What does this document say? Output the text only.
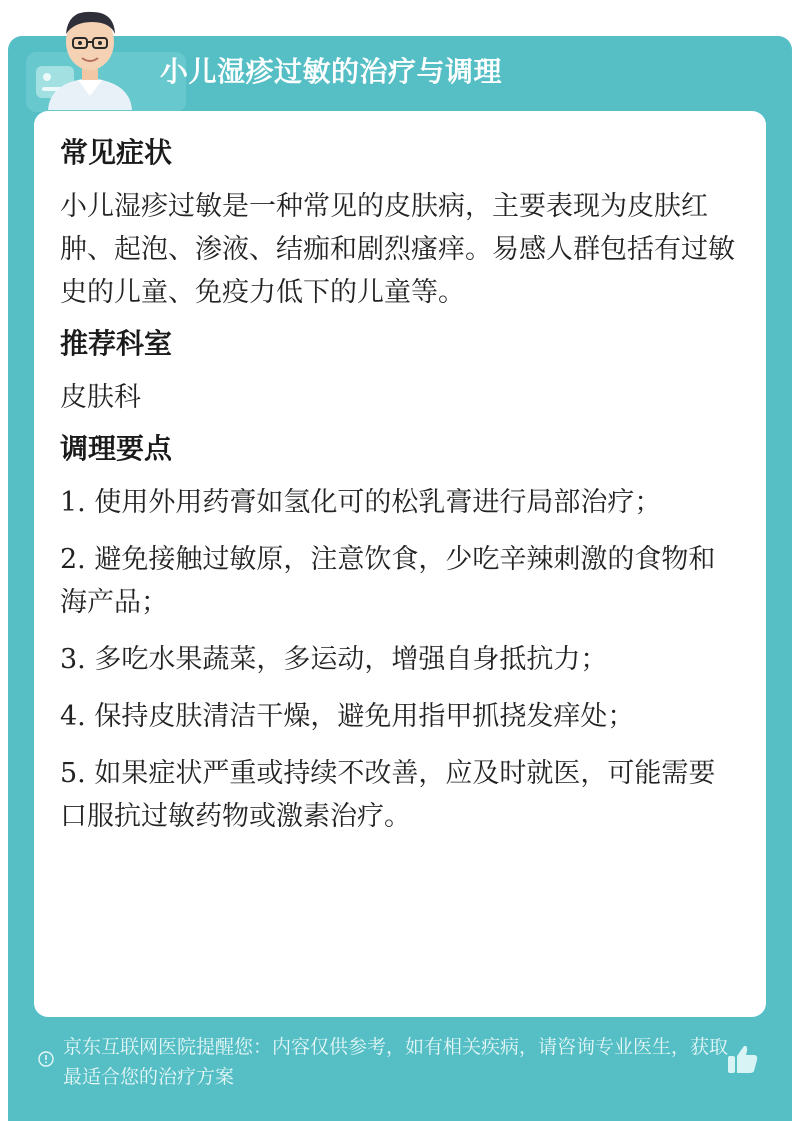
小儿湿疹过敏的治疗与调理
京东互联网医院提醒您：内容仅供参考，如有相关疾病，请咨询专业医生，获取最适合您的治疗方案
常见症状
小儿湿疹过敏是一种常见的皮肤病，主要表现为皮肤红肿、起泡、渗液、结痂和剧烈瘙痒。易感人群包括有过敏史的儿童、免疫力低下的儿童等。
推荐科室
皮肤科
调理要点
1. 使用外用药膏如氢化可的松乳膏进行局部治疗；
2. 避免接触过敏原，注意饮食，少吃辛辣刺激的食物和海产品；
3. 多吃水果蔬菜，多运动，增强自身抵抗力；
4. 保持皮肤清洁干燥，避免用指甲抓挠发痒处；
5. 如果症状严重或持续不改善，应及时就医，可能需要口服抗过敏药物或激素治疗。
